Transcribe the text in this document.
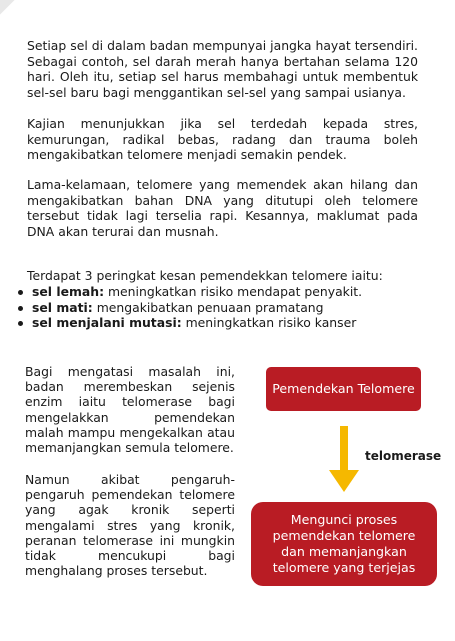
Setiap sel di dalam badan mempunyai jangka hayat tersendiri. Sebagai contoh, sel darah merah hanya bertahan selama 120 hari. Oleh itu, setiap sel harus membahagi untuk membentuk sel-sel baru bagi menggantikan sel-sel yang sampai usianya.

Kajian menunjukkan jika sel terdedah kepada stres, kemurungan, radikal bebas, radang dan trauma boleh mengakibatkan telomere menjadi semakin pendek.

Lama-kelamaan, telomere yang memendek akan hilang dan mengakibatkan bahan DNA yang ditutupi oleh telomere tersebut tidak lagi terselia rapi. Kesannya, maklumat pada DNA akan terurai dan musnah.

Terdapat 3 peringkat kesan pemendekkan telomere iaitu:

sel lemah: meningkatkan risiko mendapat penyakit.
sel mati: mengakibatkan penuaan pramatang
sel menjalani mutasi: meningkatkan risiko kanser

Bagi mengatasi masalah ini, badan merembeskan sejenis enzim iaitu telomerase bagi mengelakkan pemendekan malah mampu mengekalkan atau memanjangkan semula telomere.

Namun akibat pengaruh-pengaruh pemendekan telomere yang agak kronik seperti mengalami stres yang kronik, peranan telomerase ini mungkin tidak mencukupi bagi menghalang proses tersebut.

Pemendekan Telomere
telomerase
Mengunci proses pemendekan telomere dan memanjangkan telomere yang terjejas
